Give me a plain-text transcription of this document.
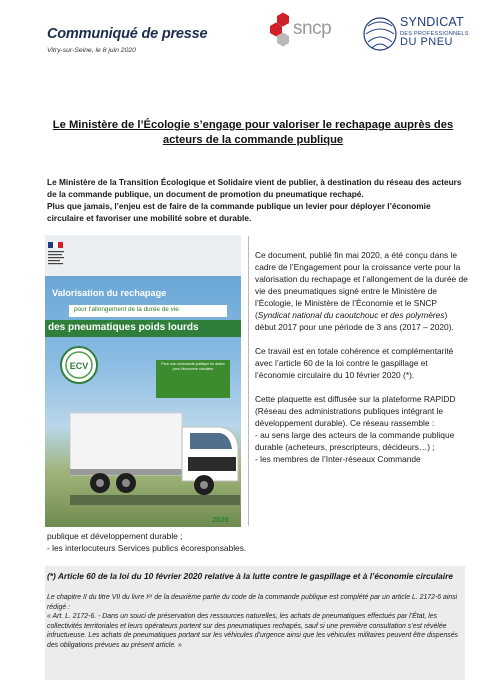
Communiqué de presse
Vitry-sur-Seine, le 8 juin 2020
sncp	SYNDICAT
DES PROFESSIONNELS
DU PNEU
Le Ministère de l’Écologie s’engage pour valoriser le rechapage auprès des acteurs de la commande publique

Le Ministère de la Transition Écologique et Solidaire vient de publier, à destination du réseau des acteurs de la commande publique, un document de promotion du pneumatique rechapé.

Plus que jamais, l’enjeu est de faire de la commande publique un levier pour déployer l’économie circulaire et favoriser une mobilité sobre et durable.

Valorisation du rechapage
pour l’allongement de la durée de vie
des pneumatiques poids lourds
ECV	Pour une commande publique en action pour l’économie circulaire
2020

Ce document, publié fin mai 2020, a été conçu dans le cadre de l’Engagement pour la croissance verte pour la valorisation du rechapage et l’allongement de la durée de vie des pneumatiques signé entre le Ministère de l’Écologie, le Ministère de l’Économie et le SNCP (Syndicat national du caoutchouc et des polymères) début 2017 pour une période de 3 ans (2017 – 2020).

Ce travail est en totale cohérence et complémentarité avec l’article 60 de la loi contre le gaspillage et l’économie circulaire du 10 février 2020 (*).

Cette plaquette est diffusée sur la plateforme RAPIDD (Réseau des administrations publiques intégrant le développement durable). Ce réseau rassemble :
- au sens large des acteurs de la commande publique durable (acheteurs, prescripteurs, décideurs…) ;
- les membres de l’Inter-réseaux Commande
publique et développement durable ;
- les interlocuteurs Services publics écoresponsables.
(*) Article 60 de la loi du 10 février 2020 relative à la lutte contre le gaspillage et à l’économie circulaire

Le chapitre II du titre VII du livre Iᵉʳ de la deuxième partie du code de la commande publique est complété par un article L. 2172-6 ainsi rédigé :

« Art. L. 2172-6. - Dans un souci de préservation des ressources naturelles, les achats de pneumatiques effectués par l’État, les collectivités territoriales et leurs opérateurs portent sur des pneumatiques rechapés, sauf si une première consultation s’est révélée infructueuse. Les achats de pneumatiques portant sur les véhicules d’urgence ainsi que les véhicules militaires peuvent être dispensés des obligations prévues au présent article. »
